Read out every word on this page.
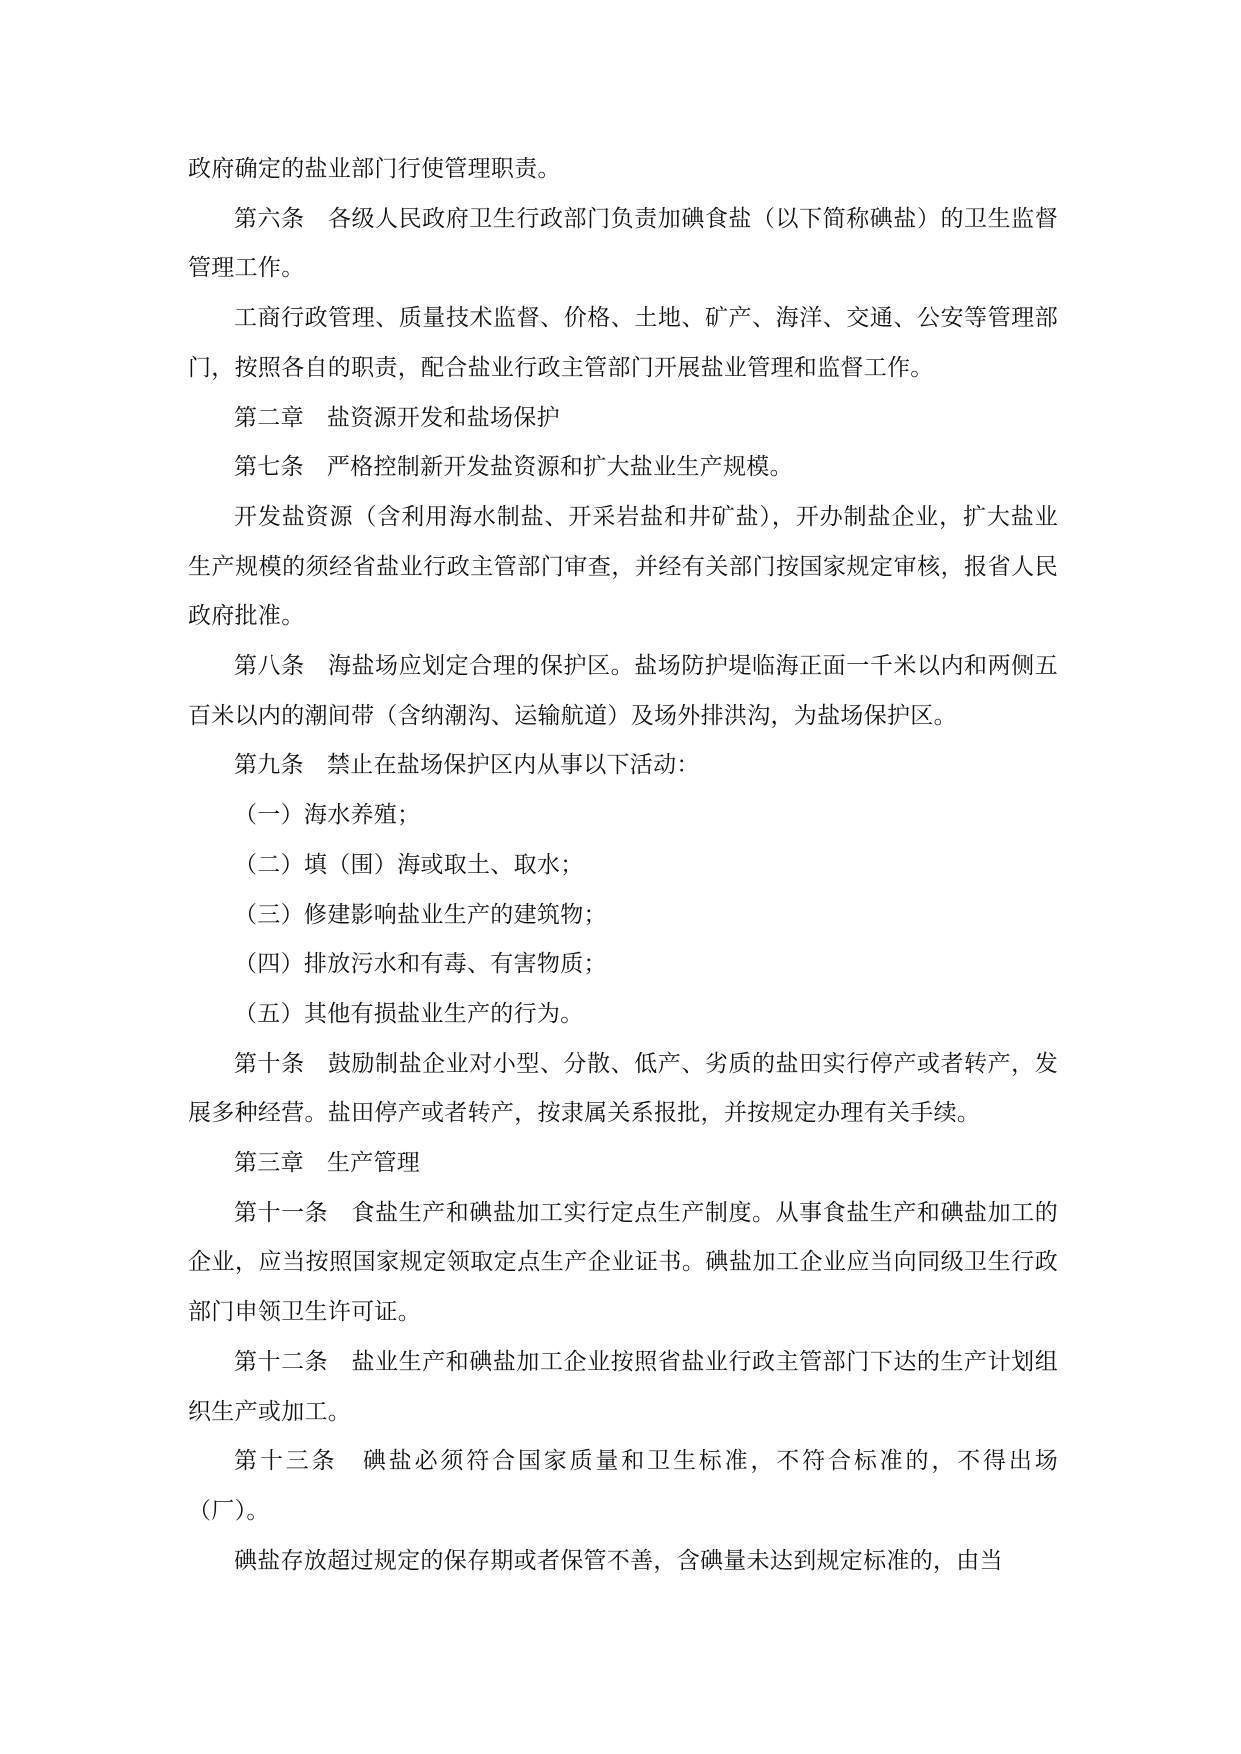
政府确定的盐业部门行使管理职责。

第六条 各级人民政府卫生行政部门负责加碘食盐（以下简称碘盐）的卫生监督管理工作。

工商行政管理、质量技术监督、价格、土地、矿产、海洋、交通、公安等管理部门，按照各自的职责，配合盐业行政主管部门开展盐业管理和监督工作。

第二章 盐资源开发和盐场保护

第七条 严格控制新开发盐资源和扩大盐业生产规模。

开发盐资源（含利用海水制盐、开采岩盐和井矿盐），开办制盐企业，扩大盐业生产规模的须经省盐业行政主管部门审查，并经有关部门按国家规定审核，报省人民政府批准。

第八条 海盐场应划定合理的保护区。盐场防护堤临海正面一千米以内和两侧五百米以内的潮间带（含纳潮沟、运输航道）及场外排洪沟，为盐场保护区。

第九条 禁止在盐场保护区内从事以下活动：

（一）海水养殖；

（二）填（围）海或取土、取水；

（三）修建影响盐业生产的建筑物；

（四）排放污水和有毒、有害物质；

（五）其他有损盐业生产的行为。

第十条 鼓励制盐企业对小型、分散、低产、劣质的盐田实行停产或者转产，发展多种经营。盐田停产或者转产，按隶属关系报批，并按规定办理有关手续。

第三章 生产管理

第十一条 食盐生产和碘盐加工实行定点生产制度。从事食盐生产和碘盐加工的企业，应当按照国家规定领取定点生产企业证书。碘盐加工企业应当向同级卫生行政部门申领卫生许可证。

第十二条 盐业生产和碘盐加工企业按照省盐业行政主管部门下达的生产计划组织生产或加工。

第十三条 碘盐必须符合国家质量和卫生标准，不符合标准的，不得出场（厂）。

碘盐存放超过规定的保存期或者保管不善，含碘量未达到规定标准的，由当
